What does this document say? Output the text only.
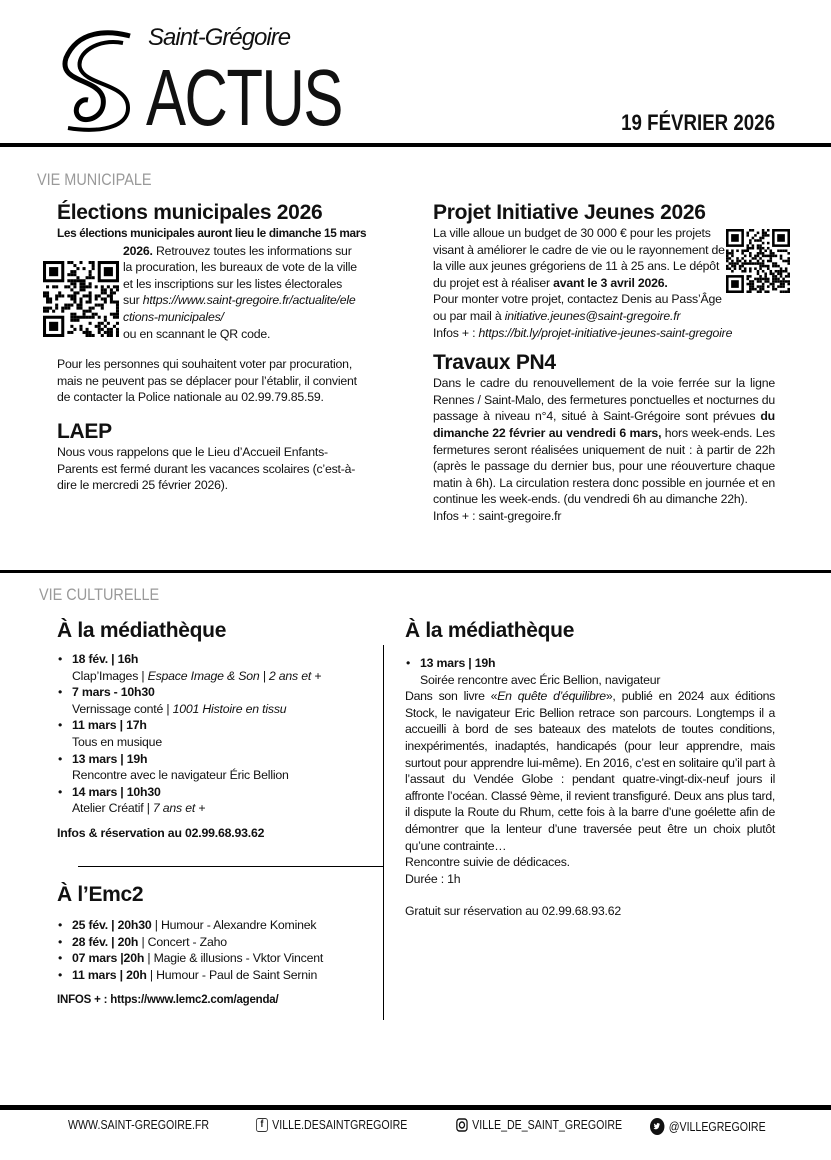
Saint-Grégoire
ACTUS	19 FÉVRIER 2026
VIE MUNICIPALE
Élections municipales 2026
Les élections municipales auront lieu le dimanche 15 mars
2026. Retrouvez toutes les informations sur la procuration, les bureaux de vote de la ville et les inscriptions sur les listes électorales sur https://www.saint-gregoire.fr/actualite/elections-municipales/
ou en scannant le QR code.

Pour les personnes qui souhaitent voter par procuration, mais ne peuvent pas se déplacer pour l’établir, il convient de contacter la Police nationale au 02.99.79.85.59.

LAEP

Nous vous rappelons que le Lieu d’Accueil Enfants-Parents est fermé durant les vacances scolaires (c’est-à-dire le mercredi 25 février 2026).

Projet Initiative Jeunes 2026
La ville alloue un budget de 30 000 € pour les projets visant à améliorer le cadre de vie ou le rayonnement de la ville aux jeunes grégoriens de 11 à 25 ans. Le dépôt du projet est à réaliser avant le 3 avril 2026.
Pour monter votre projet, contactez Denis au Pass’Âge ou par mail à initiative.jeunes@saint-gregoire.fr
Infos + : https://bit.ly/projet-initiative-jeunes-saint-gregoire
Travaux PN4

Dans le cadre du renouvellement de la voie ferrée sur la ligne Rennes / Saint-Malo, des fermetures ponctuelles et nocturnes du passage à niveau n°4, situé à Saint-Grégoire sont prévues du dimanche 22 février au vendredi 6 mars, hors week-ends. Les fermetures seront réalisées uniquement de nuit : à partir de 22h (après le passage du dernier bus, pour une réouverture chaque matin à 6h). La circulation restera donc possible en journée et en continue les week-ends. (du vendredi 6h au dimanche 22h).

Infos + : saint-gregoire.fr

VIE CULTURELLE
À la médiathèque
• 18 fév. | 16h
Clap’Images | Espace Image & Son | 2 ans et +
• 7 mars - 10h30
Vernissage conté | 1001 Histoire en tissu
• 11 mars | 17h
Tous en musique
• 13 mars | 19h
Rencontre avec le navigateur Éric Bellion
• 14 mars | 10h30
Atelier Créatif | 7 ans et +

Infos & réservation au 02.99.68.93.62

À l’Emc2
• 25 fév. | 20h30 | Humour - Alexandre Kominek
• 28 fév. | 20h | Concert - Zaho
• 07 mars |20h | Magie & illusions - Vktor Vincent
• 11 mars | 20h | Humour - Paul de Saint Sernin

INFOS + : https://www.lemc2.com/agenda/

À la médiathèque
• 13 mars | 19h
Soirée rencontre avec Éric Bellion, navigateur

Dans son livre «En quête d’équilibre», publié en 2024 aux éditions Stock, le navigateur Eric Bellion retrace son parcours. Longtemps il a accueilli à bord de ses bateaux des matelots de toutes conditions, inexpérimentés, inadaptés, handicapés (pour leur apprendre, mais surtout pour apprendre lui-même). En 2016, c’est en solitaire qu’il part à l’assaut du Vendée Globe : pendant quatre-vingt-dix-neuf jours il affronte l’océan. Classé 9ème, il revient transfiguré. Deux ans plus tard, il dispute la Route du Rhum, cette fois à la barre d’une goélette afin de démontrer que la lenteur d’une traversée peut être un choix plutôt qu’une contrainte…

Rencontre suivie de dédicaces.

Durée : 1h

Gratuit sur réservation au 02.99.68.93.62

WWW.SAINT-GREGOIRE.FR	f VILLE.DESAINTGREGOIRE	VILLE_DE_SAINT_GREGOIRE	@VILLEGREGOIRE
